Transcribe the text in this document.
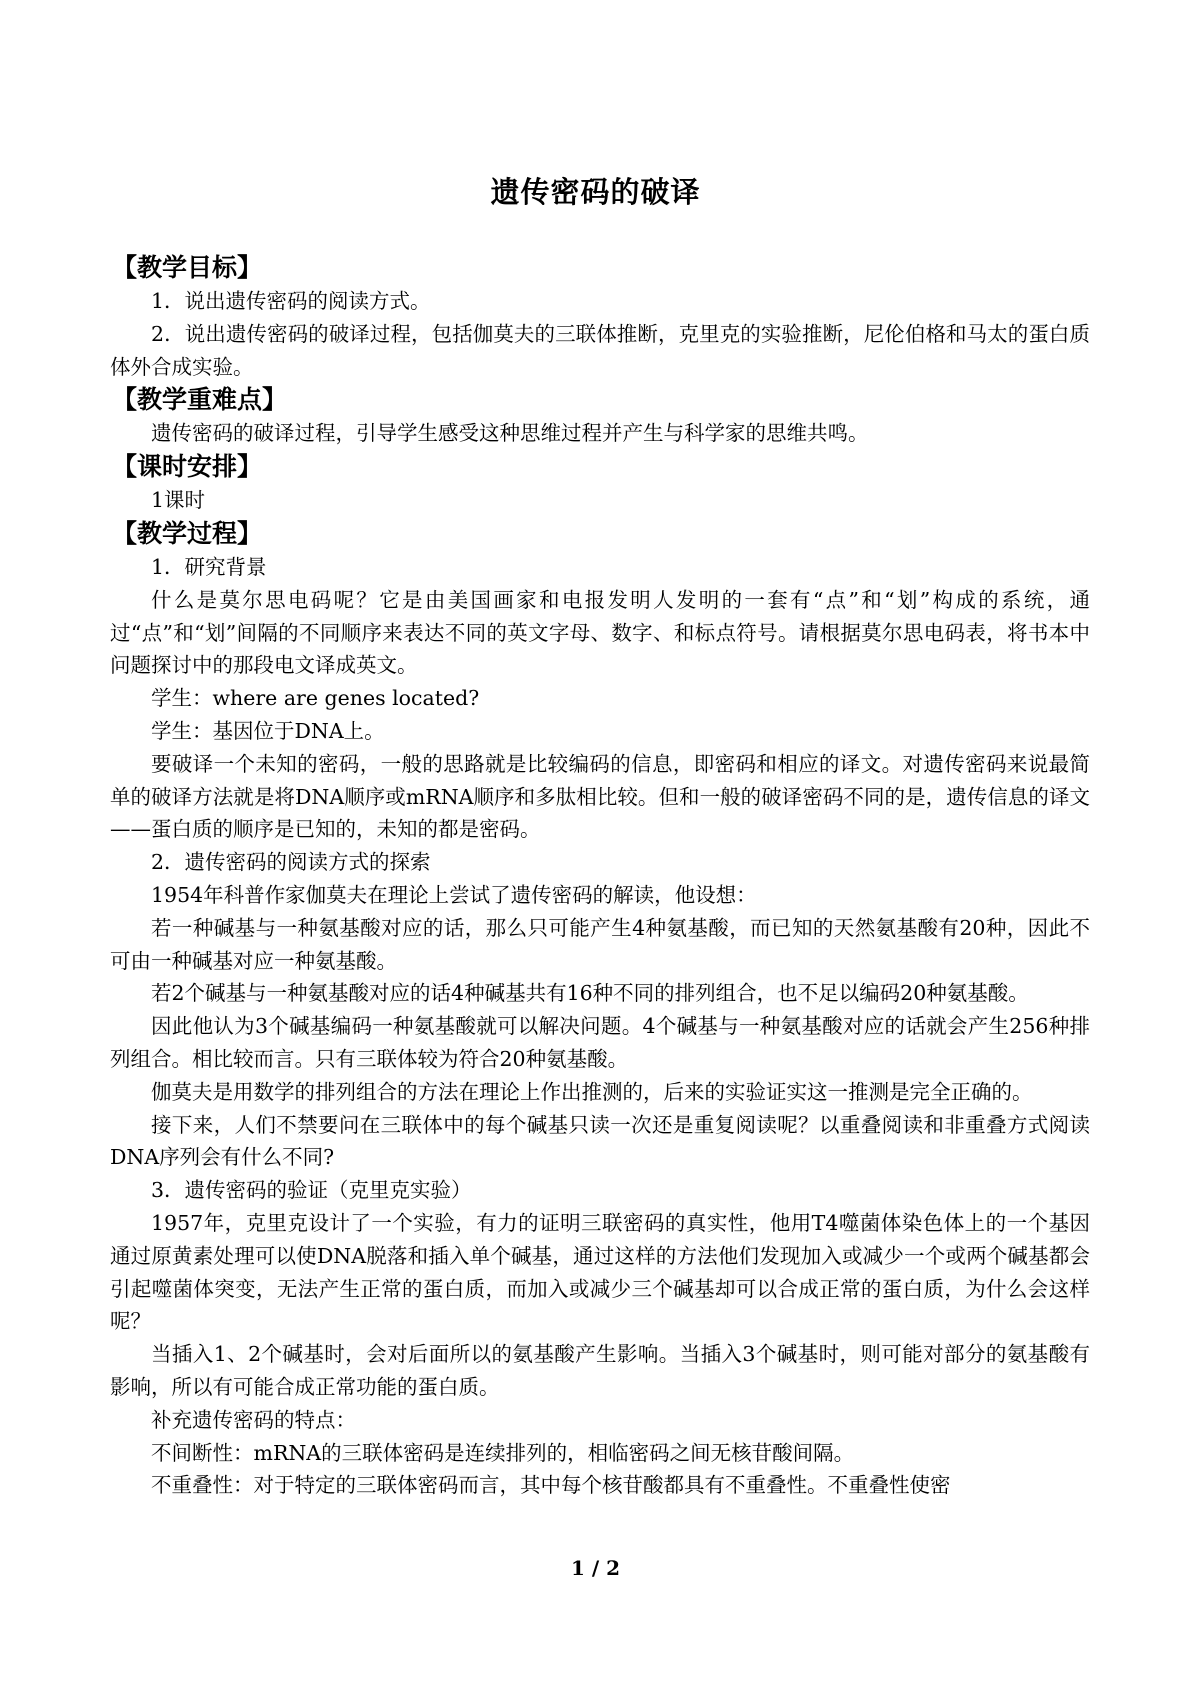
遗传密码的破译
【教学目标】

1．说出遗传密码的阅读方式。

2．说出遗传密码的破译过程，包括伽莫夫的三联体推断，克里克的实验推断，尼伦伯格和马太的蛋白质体外合成实验。

【教学重难点】

遗传密码的破译过程，引导学生感受这种思维过程并产生与科学家的思维共鸣。

【课时安排】

1课时

【教学过程】

1．研究背景

什么是莫尔思电码呢？它是由美国画家和电报发明人发明的一套有“点”和“划”构成的系统，通过“点”和“划”间隔的不同顺序来表达不同的英文字母、数字、和标点符号。请根据莫尔思电码表，将书本中问题探讨中的那段电文译成英文。

学生：where are genes located?

学生：基因位于DNA上。

要破译一个未知的密码，一般的思路就是比较编码的信息，即密码和相应的译文。对遗传密码来说最简单的破译方法就是将DNA顺序或mRNA顺序和多肽相比较。但和一般的破译密码不同的是，遗传信息的译文——蛋白质的顺序是已知的，未知的都是密码。

2．遗传密码的阅读方式的探索

1954年科普作家伽莫夫在理论上尝试了遗传密码的解读，他设想：

若一种碱基与一种氨基酸对应的话，那么只可能产生4种氨基酸，而已知的天然氨基酸有20种，因此不可由一种碱基对应一种氨基酸。

若2个碱基与一种氨基酸对应的话4种碱基共有16种不同的排列组合，也不足以编码20种氨基酸。

因此他认为3个碱基编码一种氨基酸就可以解决问题。4个碱基与一种氨基酸对应的话就会产生256种排列组合。相比较而言。只有三联体较为符合20种氨基酸。

伽莫夫是用数学的排列组合的方法在理论上作出推测的，后来的实验证实这一推测是完全正确的。

接下来，人们不禁要问在三联体中的每个碱基只读一次还是重复阅读呢？以重叠阅读和非重叠方式阅读DNA序列会有什么不同?

3．遗传密码的验证（克里克实验）

1957年，克里克设计了一个实验，有力的证明三联密码的真实性，他用T4噬菌体染色体上的一个基因通过原黄素处理可以使DNA脱落和插入单个碱基，通过这样的方法他们发现加入或减少一个或两个碱基都会引起噬菌体突变，无法产生正常的蛋白质，而加入或减少三个碱基却可以合成正常的蛋白质，为什么会这样呢？

当插入1、2个碱基时，会对后面所以的氨基酸产生影响。当插入3个碱基时，则可能对部分的氨基酸有影响，所以有可能合成正常功能的蛋白质。

补充遗传密码的特点：

不间断性：mRNA的三联体密码是连续排列的，相临密码之间无核苷酸间隔。

不重叠性：对于特定的三联体密码而言，其中每个核苷酸都具有不重叠性。不重叠性使密

1 / 2
